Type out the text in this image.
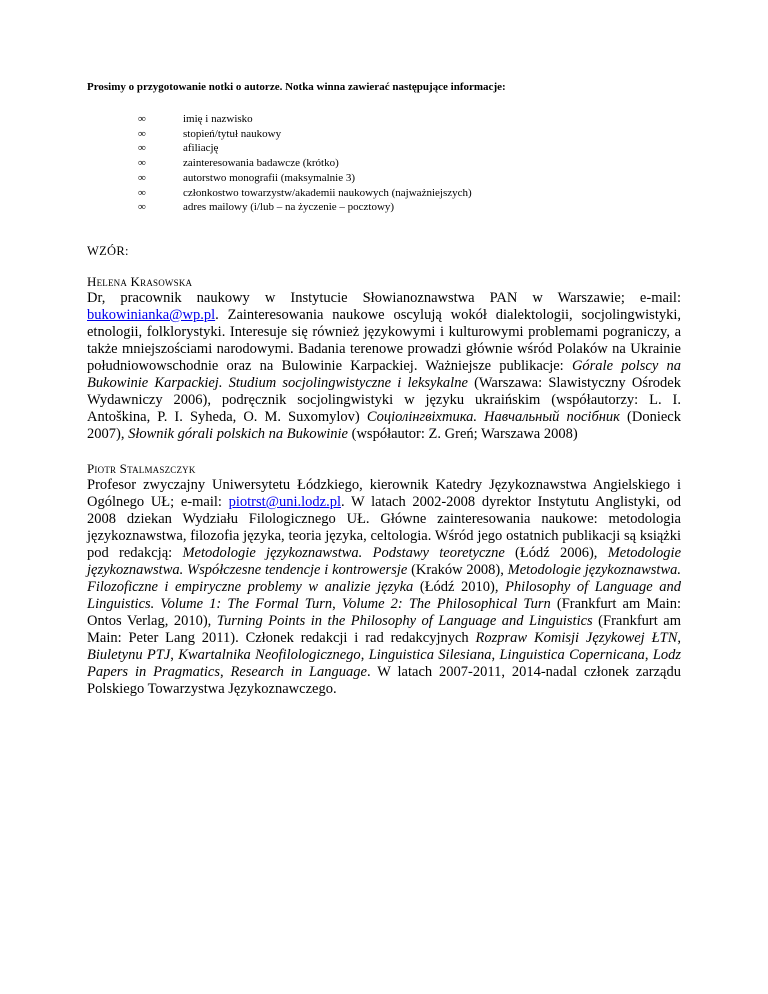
Prosimy o przygotowanie notki o autorze. Notka winna zawierać następujące informacje:

∞	imię i nazwisko
∞	stopień/tytuł naukowy
∞	afiliację
∞	zainteresowania badawcze (krótko)
∞	autorstwo monografii (maksymalnie 3)
∞	członkostwo towarzystw/akademii naukowych (najważniejszych)
∞	adres mailowy (i/lub – na życzenie – pocztowy)

WZÓR:

Helena Krasowska
Dr, pracownik naukowy w Instytucie Słowianoznawstwa PAN w Warszawie; e-mail: bukowinianka@wp.pl. Zainteresowania naukowe oscylują wokół dialektologii, socjolingwistyki, etnologii, folklorystyki. Interesuje się również językowymi i kulturowymi problemami pograniczy, a także mniejszościami narodowymi. Badania terenowe prowadzi głównie wśród Polaków na Ukrainie południowowschodnie oraz na Bulowinie Karpackiej. Ważniejsze publikacje: Górale polscy na Bukowinie Karpackiej. Studium socjolingwistyczne i leksykalne (Warszawa: Slawistyczny Ośrodek Wydawniczy 2006), podręcznik socjolingwistyki w języku ukraińskim (współautorzy: L. I. Antoškina, P. I. Syheda, O. M. Suxomylov) Соціолінгвіхтика. Навчальный посібник (Donieck 2007), Słownik górali polskich na Bukowinie (współautor: Z. Greń; Warszawa 2008)
Piotr Stalmaszczyk
Profesor zwyczajny Uniwersytetu Łódzkiego, kierownik Katedry Językoznawstwa Angielskiego i Ogólnego UŁ; e-mail: piotrst@uni.lodz.pl. W latach 2002-2008 dyrektor Instytutu Anglistyki, od 2008 dziekan Wydziału Filologicznego UŁ. Główne zainteresowania naukowe: metodologia językoznawstwa, filozofia języka, teoria języka, celtologia. Wśród jego ostatnich publikacji są książki pod redakcją: Metodologie językoznawstwa. Podstawy teoretyczne (Łódź 2006), Metodologie językoznawstwa. Współczesne tendencje i kontrowersje (Kraków 2008), Metodologie językoznawstwa. Filozoficzne i empiryczne problemy w analizie języka (Łódź 2010), Philosophy of Language and Linguistics. Volume 1: The Formal Turn, Volume 2: The Philosophical Turn (Frankfurt am Main: Ontos Verlag, 2010), Turning Points in the Philosophy of Language and Linguistics (Frankfurt am Main: Peter Lang 2011). Członek redakcji i rad redakcyjnych Rozpraw Komisji Językowej ŁTN, Biuletynu PTJ, Kwartalnika Neofilologicznego, Linguistica Silesiana, Linguistica Copernicana, Lodz Papers in Pragmatics, Research in Language. W latach 2007-2011, 2014-nadal członek zarządu Polskiego Towarzystwa Językoznawczego.
